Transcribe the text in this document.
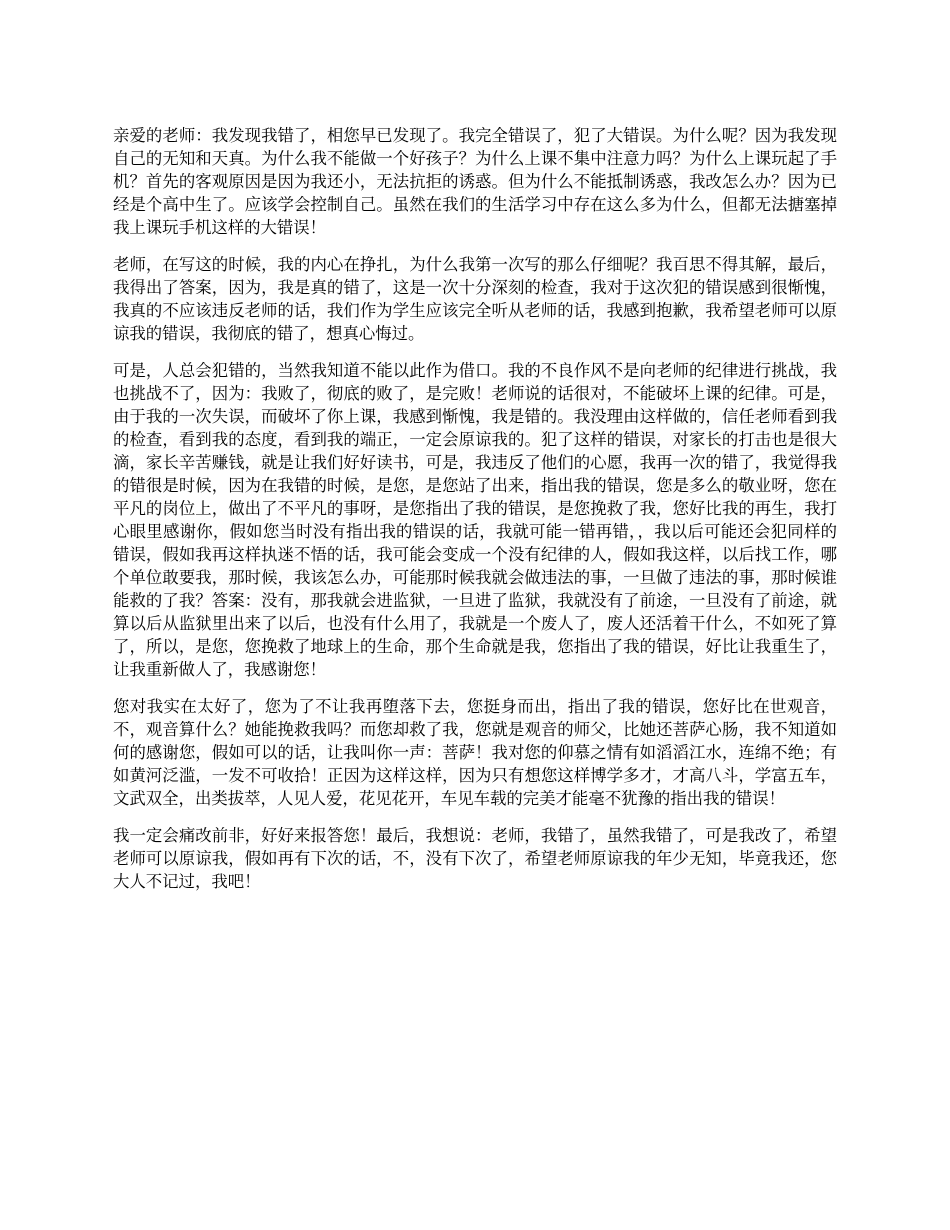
亲爱的老师：我发现我错了，相您早已发现了。我完全错误了，犯了大错误。为什么呢？因为我发现自己的无知和天真。为什么我不能做一个好孩子？为什么上课不集中注意力吗？为什么上课玩起了手机？首先的客观原因是因为我还小，无法抗拒的诱惑。但为什么不能抵制诱惑，我改怎么办？因为已经是个高中生了。应该学会控制自己。虽然在我们的生活学习中存在这么多为什么，但都无法搪塞掉我上课玩手机这样的大错误！

老师，在写这的时候，我的内心在挣扎，为什么我第一次写的那么仔细呢？我百思不得其解，最后，我得出了答案，因为，我是真的错了，这是一次十分深刻的检查，我对于这次犯的错误感到很惭愧，我真的不应该违反老师的话，我们作为学生应该完全听从老师的话，我感到抱歉，我希望老师可以原谅我的错误，我彻底的错了，想真心悔过。

可是，人总会犯错的，当然我知道不能以此作为借口。我的不良作风不是向老师的纪律进行挑战，我也挑战不了，因为：我败了，彻底的败了，是完败！老师说的话很对，不能破坏上课的纪律。可是，由于我的一次失误，而破坏了你上课，我感到惭愧，我是错的。我没理由这样做的，信任老师看到我的检查，看到我的态度，看到我的端正，一定会原谅我的。犯了这样的错误，对家长的打击也是很大滴，家长辛苦赚钱，就是让我们好好读书，可是，我违反了他们的心愿，我再一次的错了，我觉得我的错很是时候，因为在我错的时候，是您，是您站了出来，指出我的错误，您是多么的敬业呀，您在平凡的岗位上，做出了不平凡的事呀，是您指出了我的错误，是您挽救了我，您好比我的再生，我打心眼里感谢你，假如您当时没有指出我的错误的话，我就可能一错再错，，我以后可能还会犯同样的错误，假如我再这样执迷不悟的话，我可能会变成一个没有纪律的人，假如我这样，以后找工作，哪个单位敢要我，那时候，我该怎么办，可能那时候我就会做违法的事，一旦做了违法的事，那时候谁能救的了我？答案：没有，那我就会进监狱，一旦进了监狱，我就没有了前途，一旦没有了前途，就算以后从监狱里出来了以后，也没有什么用了，我就是一个废人了，废人还活着干什么，不如死了算了，所以，是您，您挽救了地球上的生命，那个生命就是我，您指出了我的错误，好比让我重生了，让我重新做人了，我感谢您！

您对我实在太好了，您为了不让我再堕落下去，您挺身而出，指出了我的错误，您好比在世观音，不，观音算什么？她能挽救我吗？而您却救了我，您就是观音的师父，比她还菩萨心肠，我不知道如何的感谢您，假如可以的话，让我叫你一声：菩萨！我对您的仰慕之情有如滔滔江水，连绵不绝；有如黄河泛滥，一发不可收拾！正因为这样这样，因为只有想您这样博学多才，才高八斗，学富五车，文武双全，出类拔萃，人见人爱，花见花开，车见车载的完美才能毫不犹豫的指出我的错误！

我一定会痛改前非，好好来报答您！最后，我想说：老师，我错了，虽然我错了，可是我改了，希望老师可以原谅我，假如再有下次的话，不，没有下次了，希望老师原谅我的年少无知，毕竟我还，您大人不记过，我吧！
